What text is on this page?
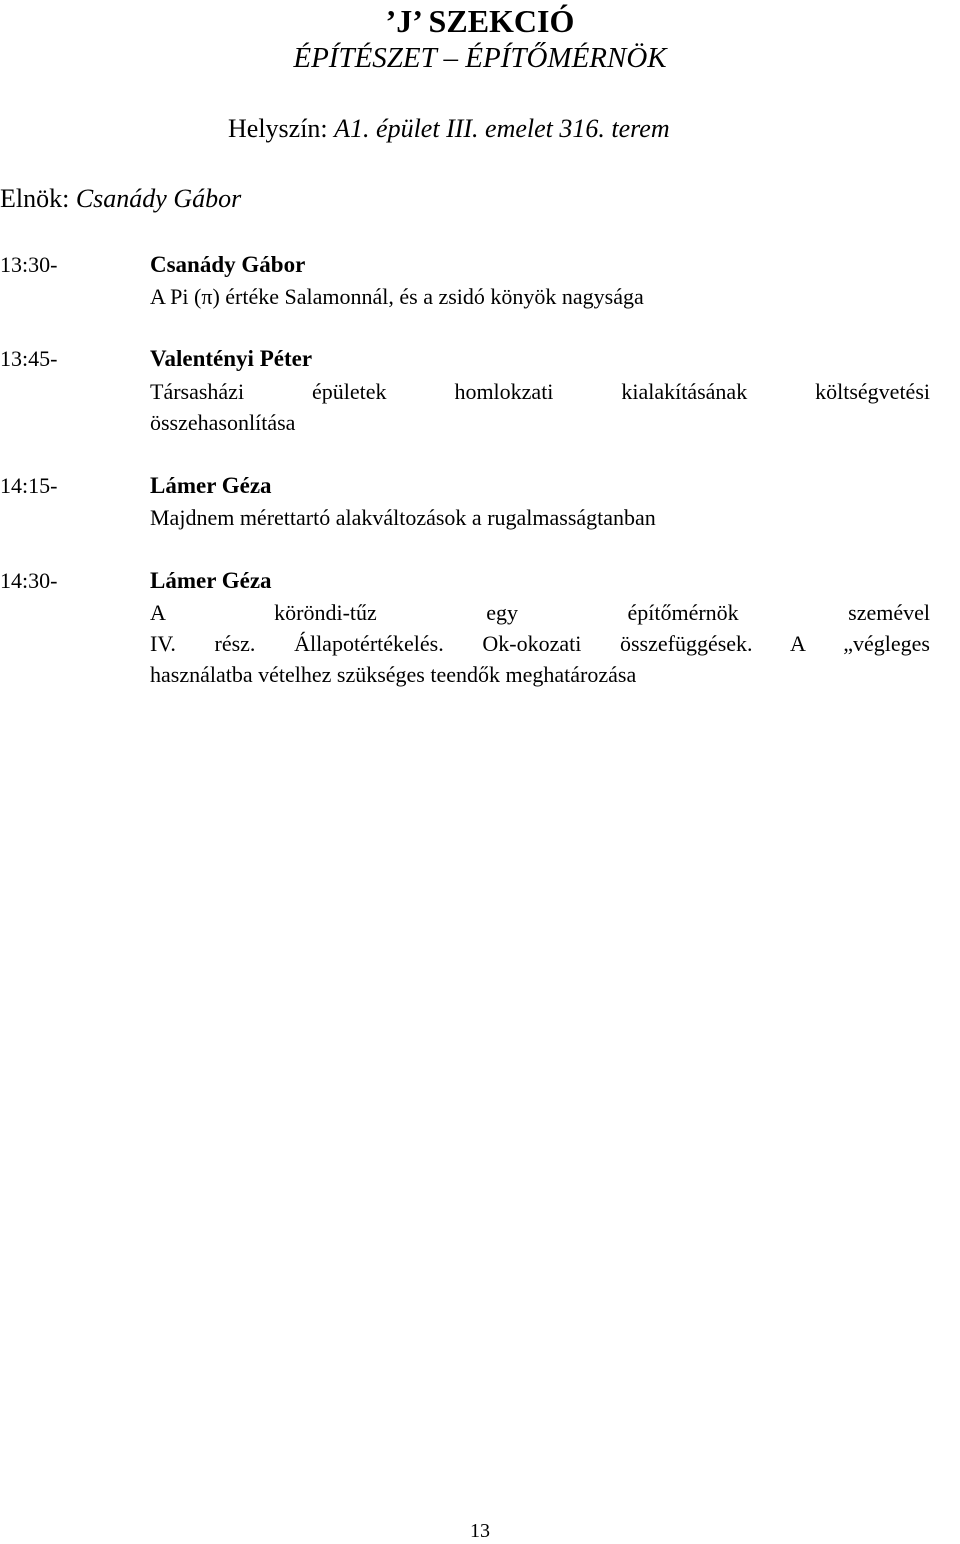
’J’ SZEKCIÓ
ÉPÍTÉSZET – ÉPÍTŐMÉRNÖK
Helyszín: A1. épület III. emelet 316. terem
Elnök: Csanády Gábor
13:30-	Csanády Gábor
A Pi (π) értéke Salamonnál, és a zsidó könyök nagysága
13:45-	Valentényi Péter
Társasházi épületek homlokzati kialakításának költségvetési
összehasonlítása
14:15-	Lámer Géza
Majdnem mérettartó alakváltozások a rugalmasságtanban
14:30-	Lámer Géza
A köröndi-tűz egy építőmérnök szemével
IV. rész. Állapotértékelés. Ok-okozati összefüggések. A „végleges
használatba vételhez szükséges teendők meghatározása
13
